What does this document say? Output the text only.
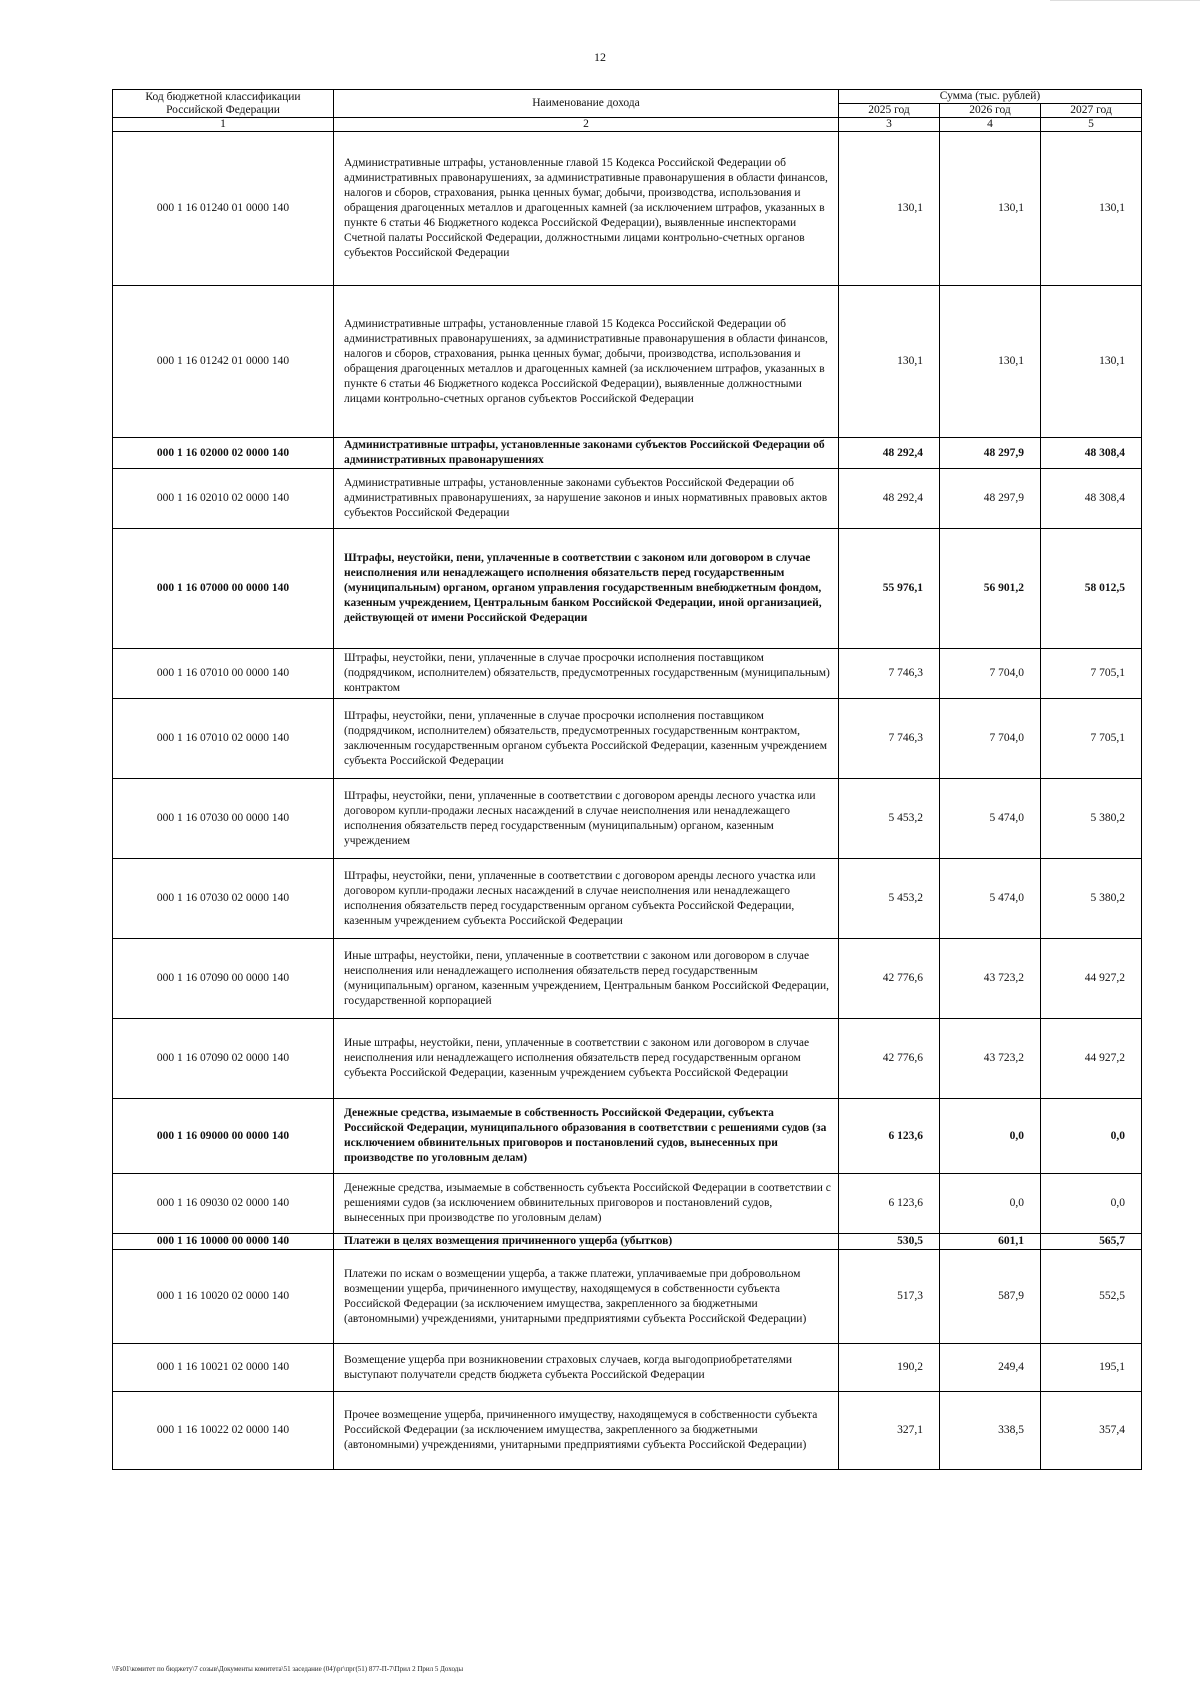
12
Код бюджетной классификации Российской Федерации	Наименование дохода	Сумма (тыс. рублей)		
		2025 год	2026 год	2027 год
1	2	3	4	5
000 1 16 01240 01 0000 140	Административные штрафы, установленные главой 15 Кодекса Российской Федерации об административных правонарушениях, за административные правонарушения в области финансов, налогов и сборов, страхования, рынка ценных бумаг, добычи, производства, использования и обращения драгоценных металлов и драгоценных камней (за исключением штрафов, указанных в пункте 6 статьи 46 Бюджетного кодекса Российской Федерации), выявленные инспекторами Счетной палаты Российской Федерации, должностными лицами контрольно-счетных органов субъектов Российской Федерации	130,1	130,1	130,1
000 1 16 01242 01 0000 140	Административные штрафы, установленные главой 15 Кодекса Российской Федерации об административных правонарушениях, за административные правонарушения в области финансов, налогов и сборов, страхования, рынка ценных бумаг, добычи, производства, использования и обращения драгоценных металлов и драгоценных камней (за исключением штрафов, указанных в пункте 6 статьи 46 Бюджетного кодекса Российской Федерации), выявленные должностными лицами контрольно-счетных органов субъектов Российской Федерации	130,1	130,1	130,1
000 1 16 02000 02 0000 140	Административные штрафы, установленные законами субъектов Российской Федерации об административных правонарушениях	48 292,4	48 297,9	48 308,4
000 1 16 02010 02 0000 140	Административные штрафы, установленные законами субъектов Российской Федерации об административных правонарушениях, за нарушение законов и иных нормативных правовых актов субъектов Российской Федерации	48 292,4	48 297,9	48 308,4
000 1 16 07000 00 0000 140	Штрафы, неустойки, пени, уплаченные в соответствии с законом или договором в случае неисполнения или ненадлежащего исполнения обязательств перед государственным (муниципальным) органом, органом управления государственным внебюджетным фондом, казенным учреждением, Центральным банком Российской Федерации, иной организацией, действующей от имени Российской Федерации	55 976,1	56 901,2	58 012,5
000 1 16 07010 00 0000 140	Штрафы, неустойки, пени, уплаченные в случае просрочки исполнения поставщиком (подрядчиком, исполнителем) обязательств, предусмотренных государственным (муниципальным) контрактом	7 746,3	7 704,0	7 705,1
000 1 16 07010 02 0000 140	Штрафы, неустойки, пени, уплаченные в случае просрочки исполнения поставщиком (подрядчиком, исполнителем) обязательств, предусмотренных государственным контрактом, заключенным государственным органом субъекта Российской Федерации, казенным учреждением субъекта Российской Федерации	7 746,3	7 704,0	7 705,1
000 1 16 07030 00 0000 140	Штрафы, неустойки, пени, уплаченные в соответствии с договором аренды лесного участка или договором купли-продажи лесных насаждений в случае неисполнения или ненадлежащего исполнения обязательств перед государственным (муниципальным) органом, казенным учреждением	5 453,2	5 474,0	5 380,2
000 1 16 07030 02 0000 140	Штрафы, неустойки, пени, уплаченные в соответствии с договором аренды лесного участка или договором купли-продажи лесных насаждений в случае неисполнения или ненадлежащего исполнения обязательств перед государственным органом субъекта Российской Федерации, казенным учреждением субъекта Российской Федерации	5 453,2	5 474,0	5 380,2
000 1 16 07090 00 0000 140	Иные штрафы, неустойки, пени, уплаченные в соответствии с законом или договором в случае неисполнения или ненадлежащего исполнения обязательств перед государственным (муниципальным) органом, казенным учреждением, Центральным банком Российской Федерации, государственной корпорацией	42 776,6	43 723,2	44 927,2
000 1 16 07090 02 0000 140	Иные штрафы, неустойки, пени, уплаченные в соответствии с законом или договором в случае неисполнения или ненадлежащего исполнения обязательств перед государственным органом субъекта Российской Федерации, казенным учреждением субъекта Российской Федерации	42 776,6	43 723,2	44 927,2
000 1 16 09000 00 0000 140	Денежные средства, изымаемые в собственность Российской Федерации, субъекта Российской Федерации, муниципального образования в соответствии с решениями судов (за исключением обвинительных приговоров и постановлений судов, вынесенных при производстве по уголовным делам)	6 123,6	0,0	0,0
000 1 16 09030 02 0000 140	Денежные средства, изымаемые в собственность субъекта Российской Федерации в соответствии с решениями судов (за исключением обвинительных приговоров и постановлений судов, вынесенных при производстве по уголовным делам)	6 123,6	0,0	0,0
000 1 16 10000 00 0000 140	Платежи в целях возмещения причиненного ущерба (убытков)	530,5	601,1	565,7
000 1 16 10020 02 0000 140	Платежи по искам о возмещении ущерба, а также платежи, уплачиваемые при добровольном возмещении ущерба, причиненного имуществу, находящемуся в собственности субъекта Российской Федерации (за исключением имущества, закрепленного за бюджетными (автономными) учреждениями, унитарными предприятиями субъекта Российской Федерации)	517,3	587,9	552,5
000 1 16 10021 02 0000 140	Возмещение ущерба при возникновении страховых случаев, когда выгодоприобретателями выступают получатели средств бюджета субъекта Российской Федерации	190,2	249,4	195,1
000 1 16 10022 02 0000 140	Прочее возмещение ущерба, причиненного имуществу, находящемуся в собственности субъекта Российской Федерации (за исключением имущества, закрепленного за бюджетными (автономными) учреждениями, унитарными предприятиями субъекта Российской Федерации)	327,1	338,5	357,4
\\Fs01\комитет по бюджету\7 созыв\Документы комитета\51 заседание (04)\рг\прг(51) 877-П-7\Прил 2 Прил 5 Доходы
